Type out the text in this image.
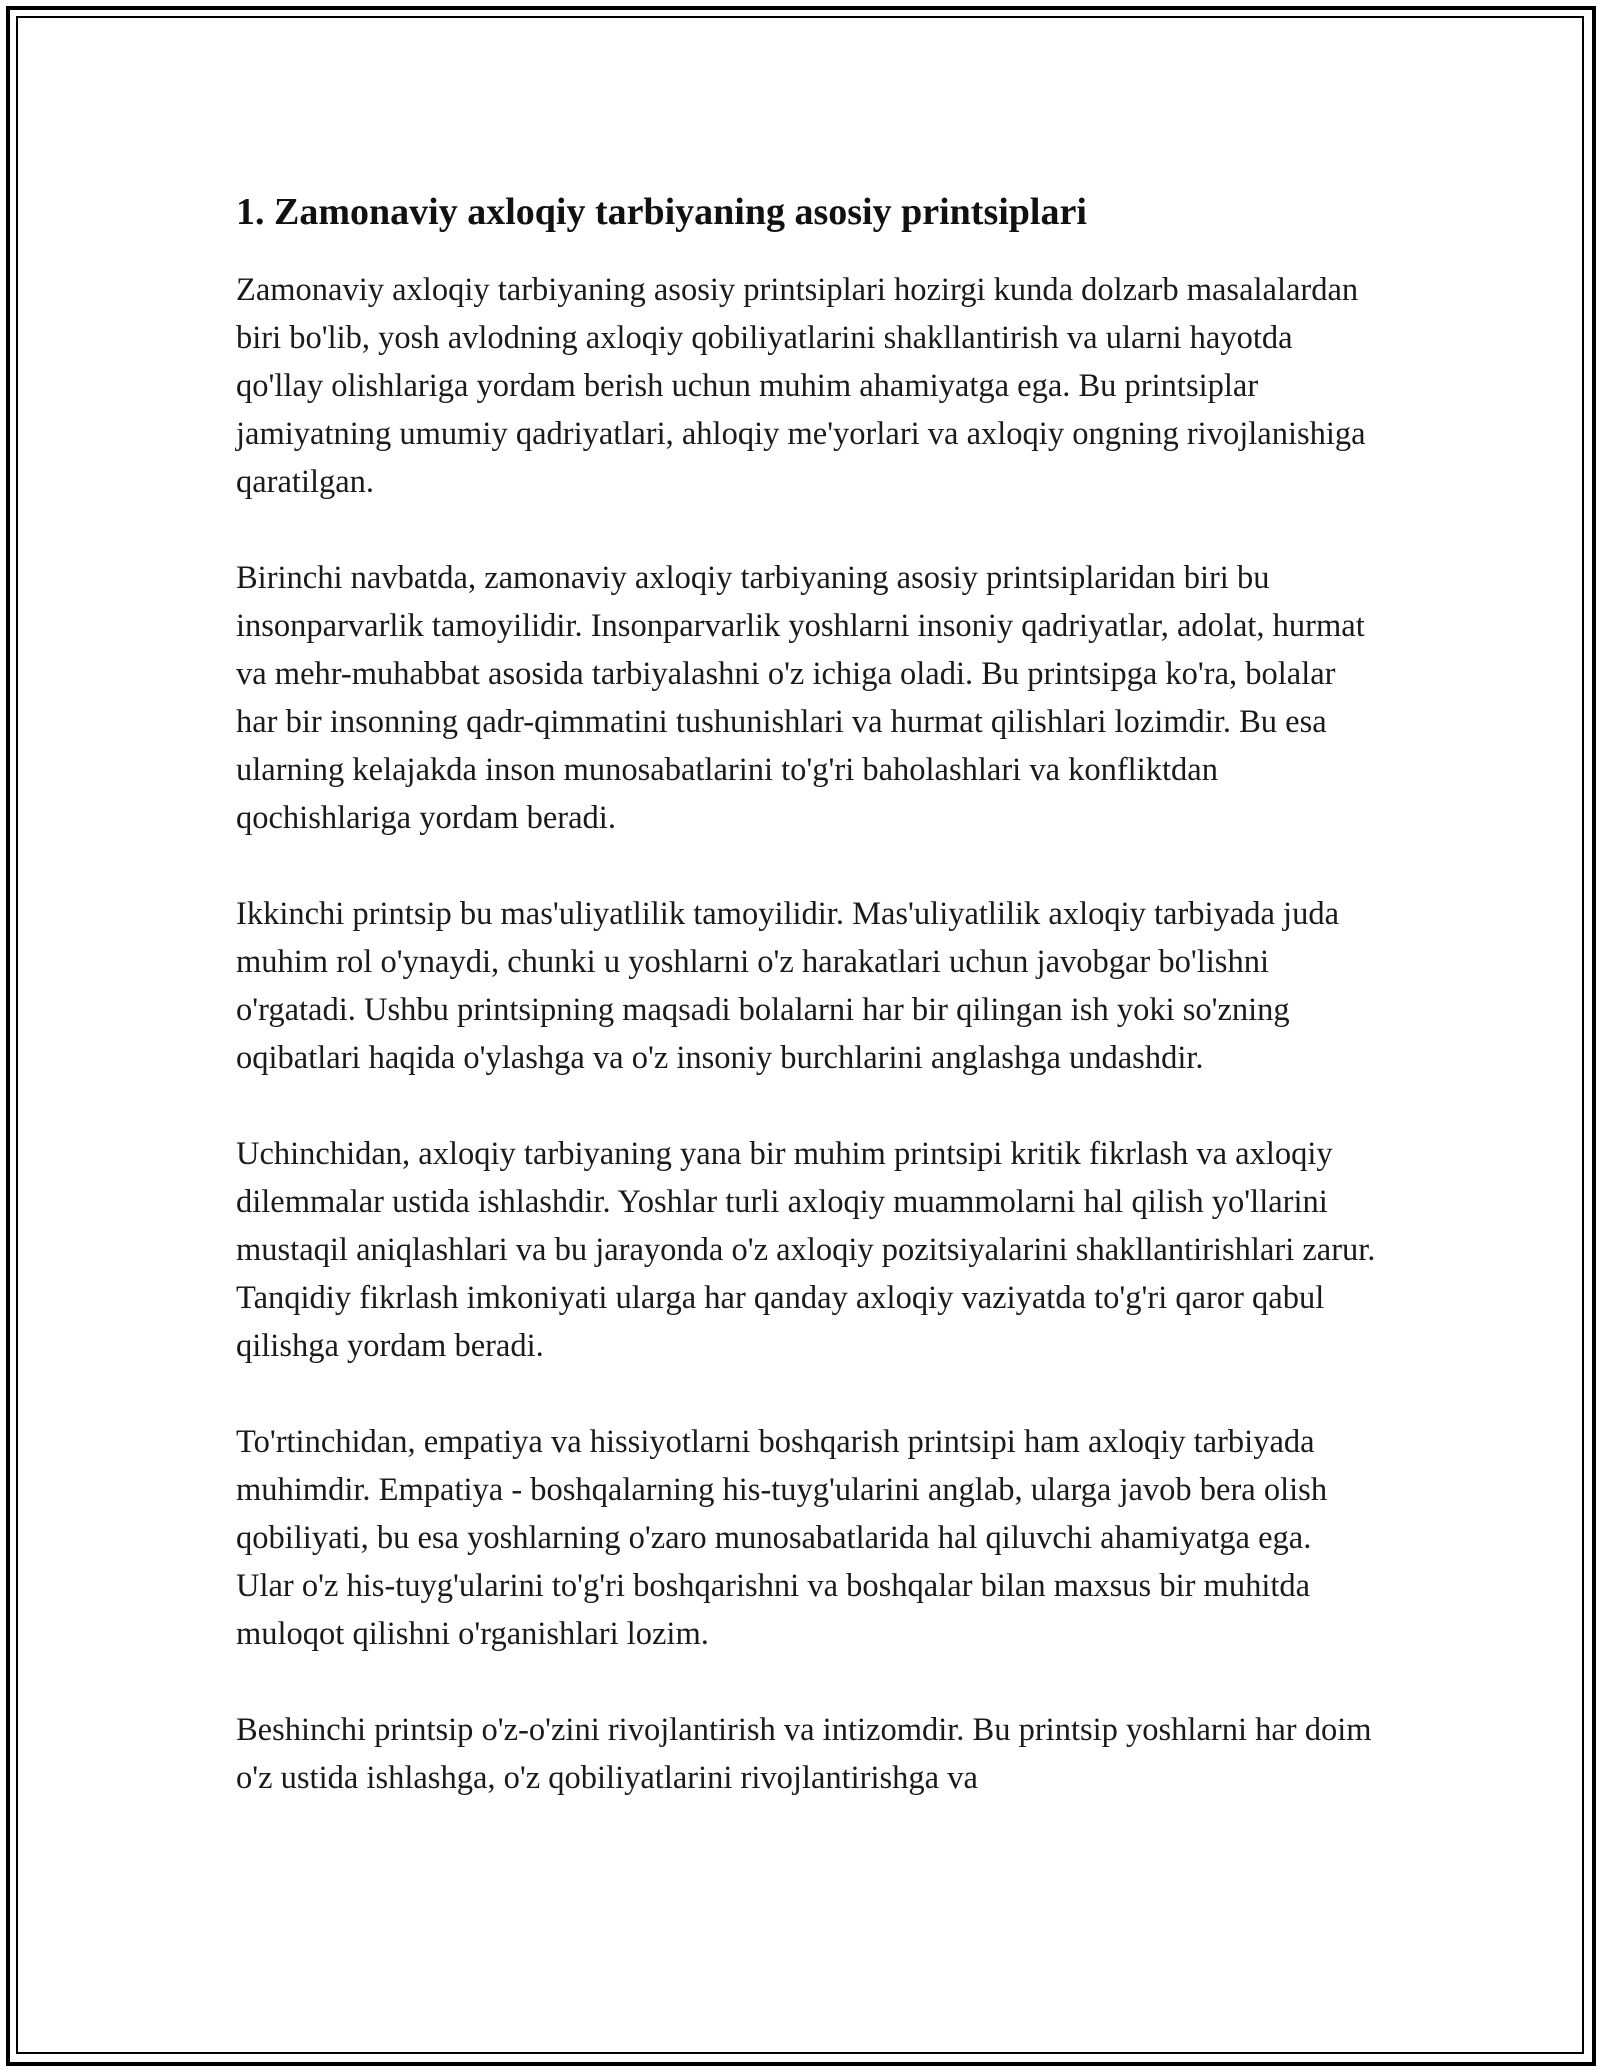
1. Zamonaviy axloqiy tarbiyaning asosiy printsiplari

Zamonaviy axloqiy tarbiyaning asosiy printsiplari hozirgi kunda dolzarb masalalardan biri bo'lib, yosh avlodning axloqiy qobiliyatlarini shakllantirish va ularni hayotda qo'llay olishlariga yordam berish uchun muhim ahamiyatga ega. Bu printsiplar jamiyatning umumiy qadriyatlari, ahloqiy me'yorlari va axloqiy ongning rivojlanishiga qaratilgan.

Birinchi navbatda, zamonaviy axloqiy tarbiyaning asosiy printsiplaridan biri bu insonparvarlik tamoyilidir. Insonparvarlik yoshlarni insoniy qadriyatlar, adolat, hurmat va mehr-muhabbat asosida tarbiyalashni o'z ichiga oladi. Bu printsipga ko'ra, bolalar har bir insonning qadr-qimmatini tushunishlari va hurmat qilishlari lozimdir. Bu esa ularning kelajakda inson munosabatlarini to'g'ri baholashlari va konfliktdan qochishlariga yordam beradi.

Ikkinchi printsip bu mas'uliyatlilik tamoyilidir. Mas'uliyatlilik axloqiy tarbiyada juda muhim rol o'ynaydi, chunki u yoshlarni o'z harakatlari uchun javobgar bo'lishni o'rgatadi. Ushbu printsipning maqsadi bolalarni har bir qilingan ish yoki so'zning oqibatlari haqida o'ylashga va o'z insoniy burchlarini anglashga undashdir.

Uchinchidan, axloqiy tarbiyaning yana bir muhim printsipi kritik fikrlash va axloqiy dilemmalar ustida ishlashdir. Yoshlar turli axloqiy muammolarni hal qilish yo'llarini mustaqil aniqlashlari va bu jarayonda o'z axloqiy pozitsiyalarini shakllantirishlari zarur. Tanqidiy fikrlash imkoniyati ularga har qanday axloqiy vaziyatda to'g'ri qaror qabul qilishga yordam beradi.

To'rtinchidan, empatiya va hissiyotlarni boshqarish printsipi ham axloqiy tarbiyada muhimdir. Empatiya - boshqalarning his-tuyg'ularini anglab, ularga javob bera olish qobiliyati, bu esa yoshlarning o'zaro munosabatlarida hal qiluvchi ahamiyatga ega. Ular o'z his-tuyg'ularini to'g'ri boshqarishni va boshqalar bilan maxsus bir muhitda muloqot qilishni o'rganishlari lozim.

Beshinchi printsip o'z-o'zini rivojlantirish va intizomdir. Bu printsip yoshlarni har doim o'z ustida ishlashga, o'z qobiliyatlarini rivojlantirishga va
